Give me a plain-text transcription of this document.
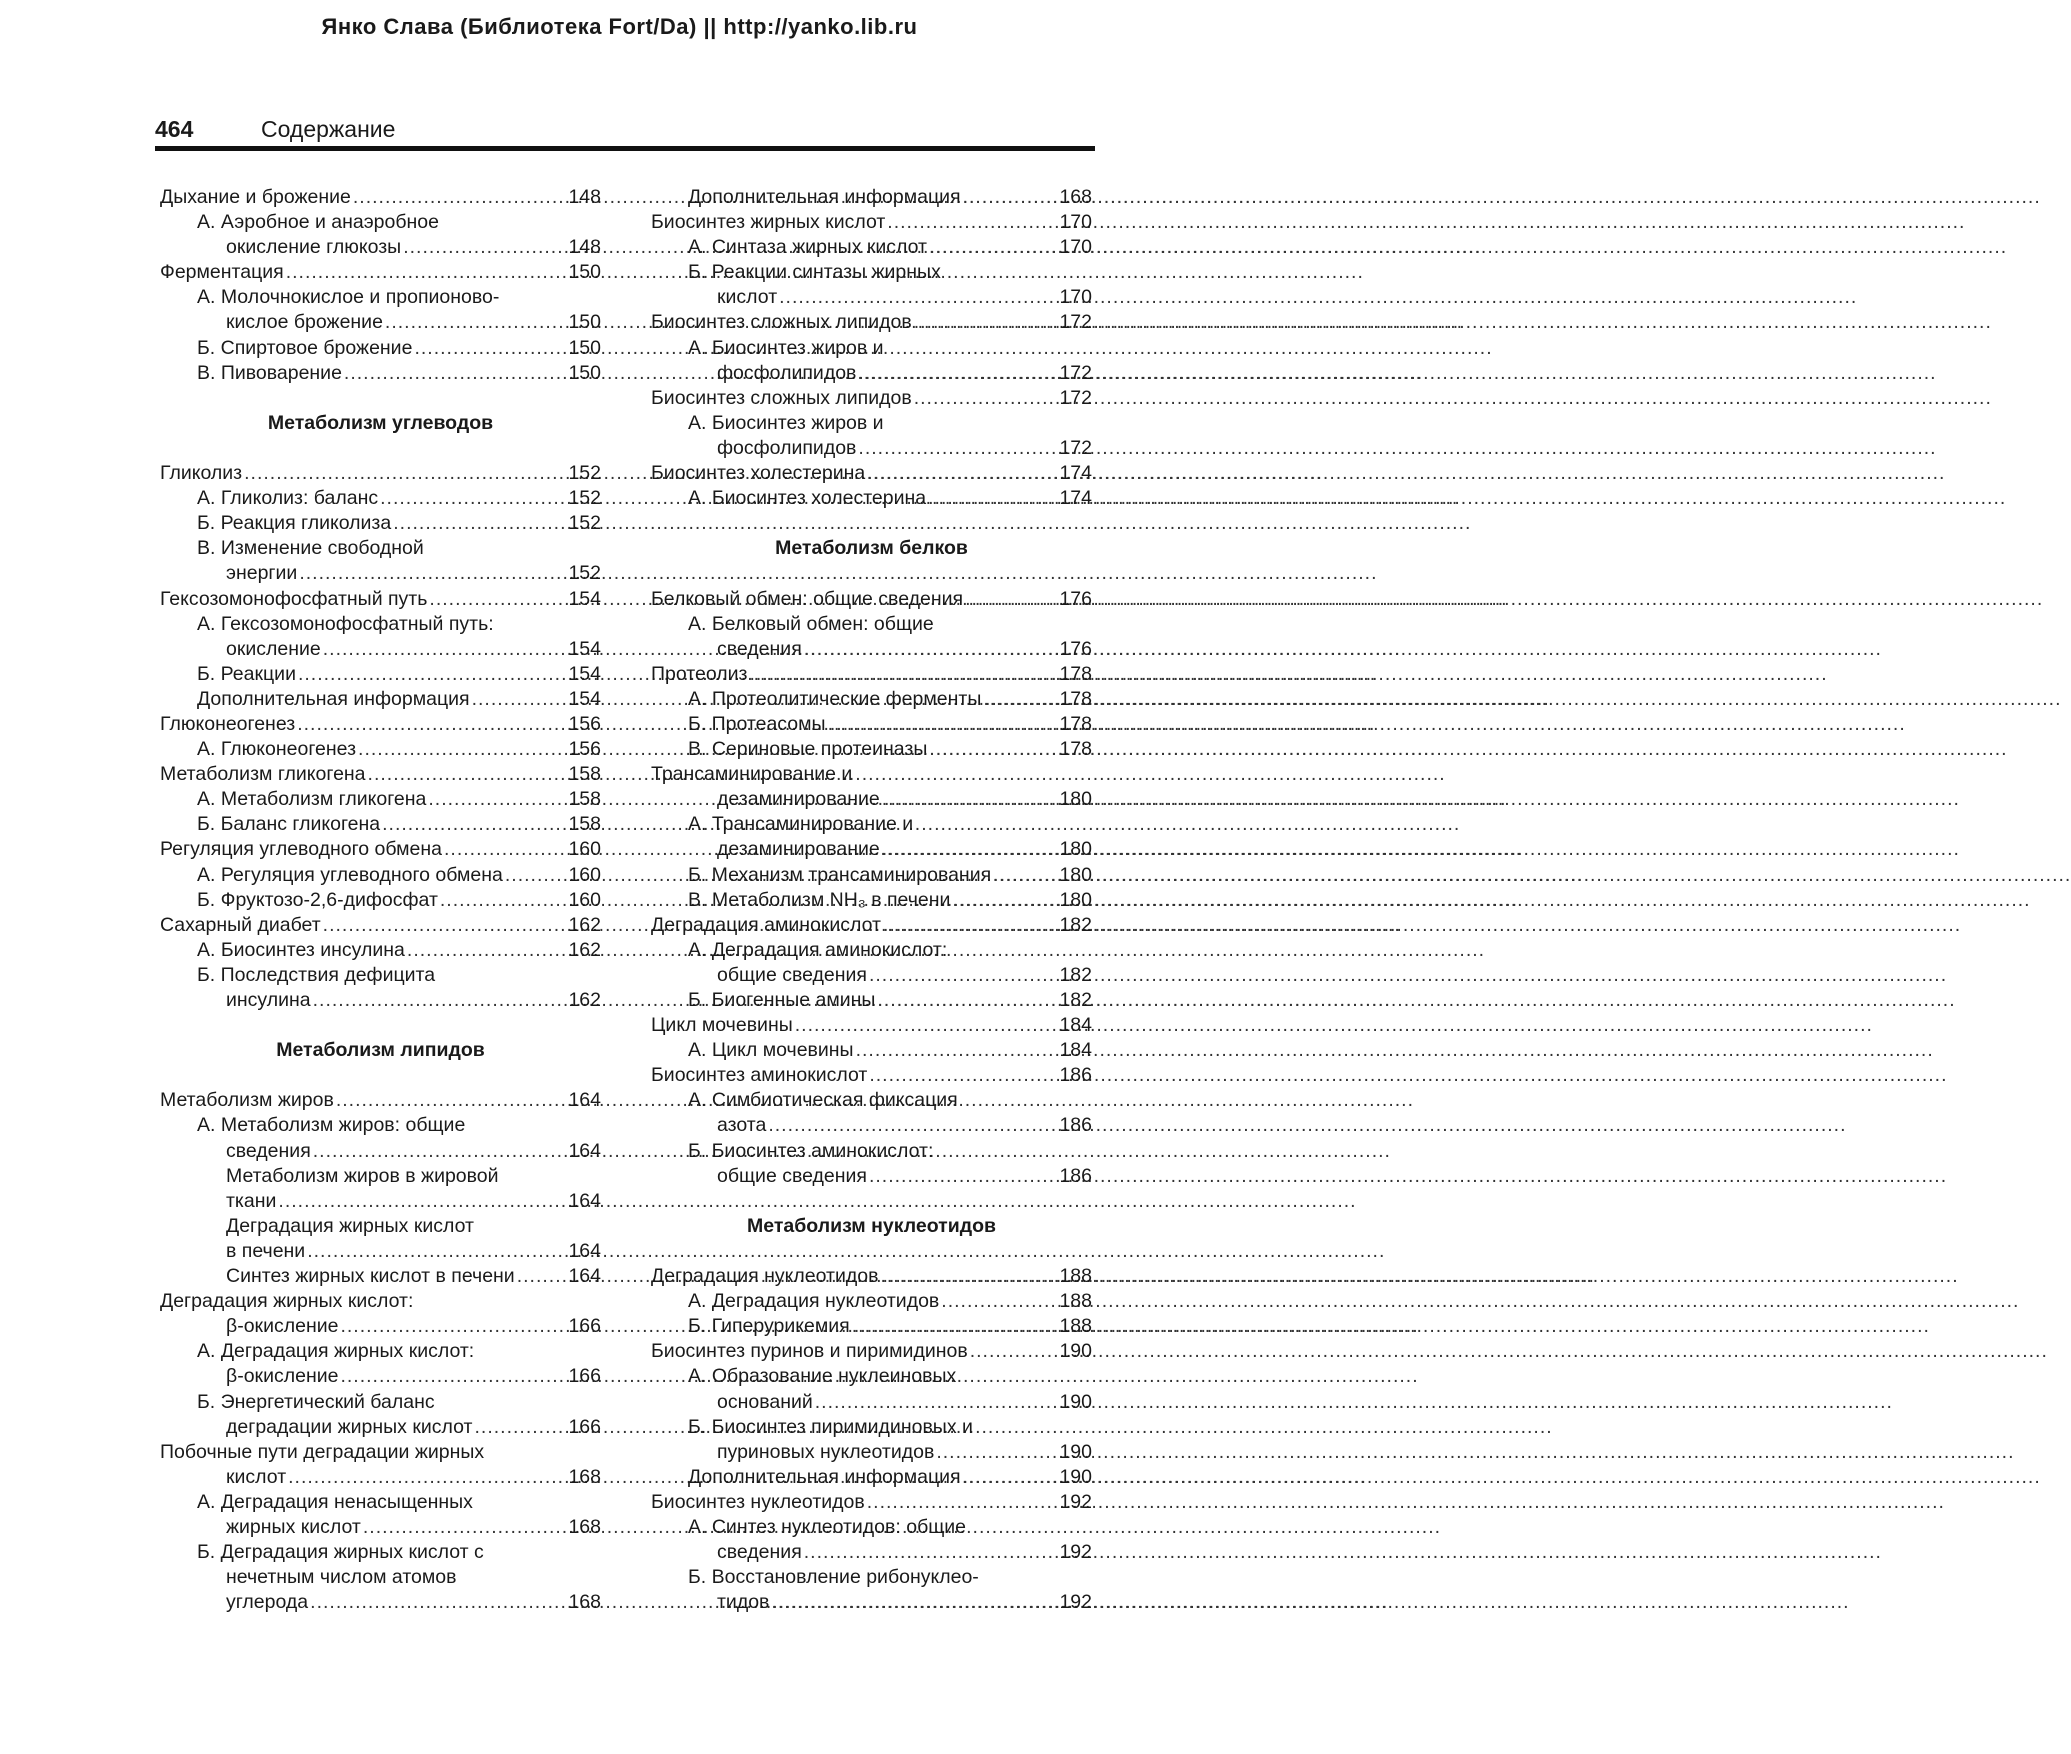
Янко Слава (Библиотека Fort/Da) || http://yanko.lib.ru
464	Содержание
Дыхание и брожение .....	148
А. Аэробное и анаэробное
окисление глюкозы .....	148
Ферментация .....	150
А. Молочнокислое и пропионово-
кислое брожение .....	150
Б. Спиртовое брожение .....	150
В. Пивоварение .....	150
Метаболизм углеводов
Гликолиз .....	152
А. Гликолиз: баланс .....	152
Б. Реакция гликолиза .....	152
В. Изменение свободной
энергии .....	152
Гексозомонофосфатный путь .....	154
А. Гексозомонофосфатный путь:
окисление .....	154
Б. Реакции .....	154
Дополнительная информация .....	154
Глюконеогенез .....	156
А. Глюконеогенез .....	156
Метаболизм гликогена .....	158
А. Метаболизм гликогена .....	158
Б. Баланс гликогена .....	158
Регуляция углеводного обмена .....	160
А. Регуляция углеводного обмена .....	160
Б. Фруктозо-2,6-дифосфат .....	160
Сахарный диабет .....	162
А. Биосинтез инсулина .....	162
Б. Последствия дефицита
инсулина .....	162
Метаболизм липидов
Метаболизм жиров .....	164
А. Метаболизм жиров: общие
сведения .....	164
Метаболизм жиров в жировой
ткани .....	164
Деградация жирных кислот
в печени .....	164
Синтез жирных кислот в печени .....	164
Деградация жирных кислот:
β-окисление .....	166
А. Деградация жирных кислот:
β-окисление .....	166
Б. Энергетический баланс
деградации жирных кислот .....	166
Побочные пути деградации жирных
кислот .....	168
А. Деградация ненасыщенных
жирных кислот .....	168
Б. Деградация жирных кислот с
нечетным числом атомов
углерода .....	168
Дополнительная информация .....	168
Биосинтез жирных кислот .....	170
А. Синтаза жирных кислот .....	170
Б. Реакции синтазы жирных
кислот .....	170
Биосинтез сложных липидов .....	172
А. Биосинтез жиров и
фосфолипидов .....	172
Биосинтез сложных липидов .....	172
А. Биосинтез жиров и
фосфолипидов .....	172
Биосинтез холестерина .....	174
А. Биосинтез холестерина .....	174
Метаболизм белков
Белковый обмен: общие сведения .....	176
А. Белковый обмен: общие
сведения .....	176
Протеолиз .....	178
А. Протеолитические ферменты .....	178
Б. Протеасомы .....	178
В. Сериновые протеиназы .....	178
Трансаминирование и
дезаминирование .....	180
А. Трансаминирование и
дезаминирование .....	180
Б. Механизм трансаминирования .....	180
В. Метаболизм NH₃ в печени .....	180
Деградация аминокислот .....	182
А. Деградация аминокислот:
общие сведения .....	182
Б. Биогенные амины .....	182
Цикл мочевины .....	184
А. Цикл мочевины .....	184
Биосинтез аминокислот .....	186
А. Симбиотическая фиксация
азота .....	186
Б. Биосинтез аминокислот:
общие сведения .....	186
Метаболизм нуклеотидов
Деградация нуклеотидов .....	188
А. Деградация нуклеотидов .....	188
Б. Гиперурикемия .....	188
Биосинтез пуринов и пиримидинов .....	190
А. Образование нуклеиновых
оснований .....	190
Б. Биосинтез пиримидиновых и
пуриновых нуклеотидов .....	190
Дополнительная информация .....	190
Биосинтез нуклеотидов .....	192
А. Синтез нуклеотидов: общие
сведения .....	192
Б. Восстановление рибонуклео-
тидов .....	192
